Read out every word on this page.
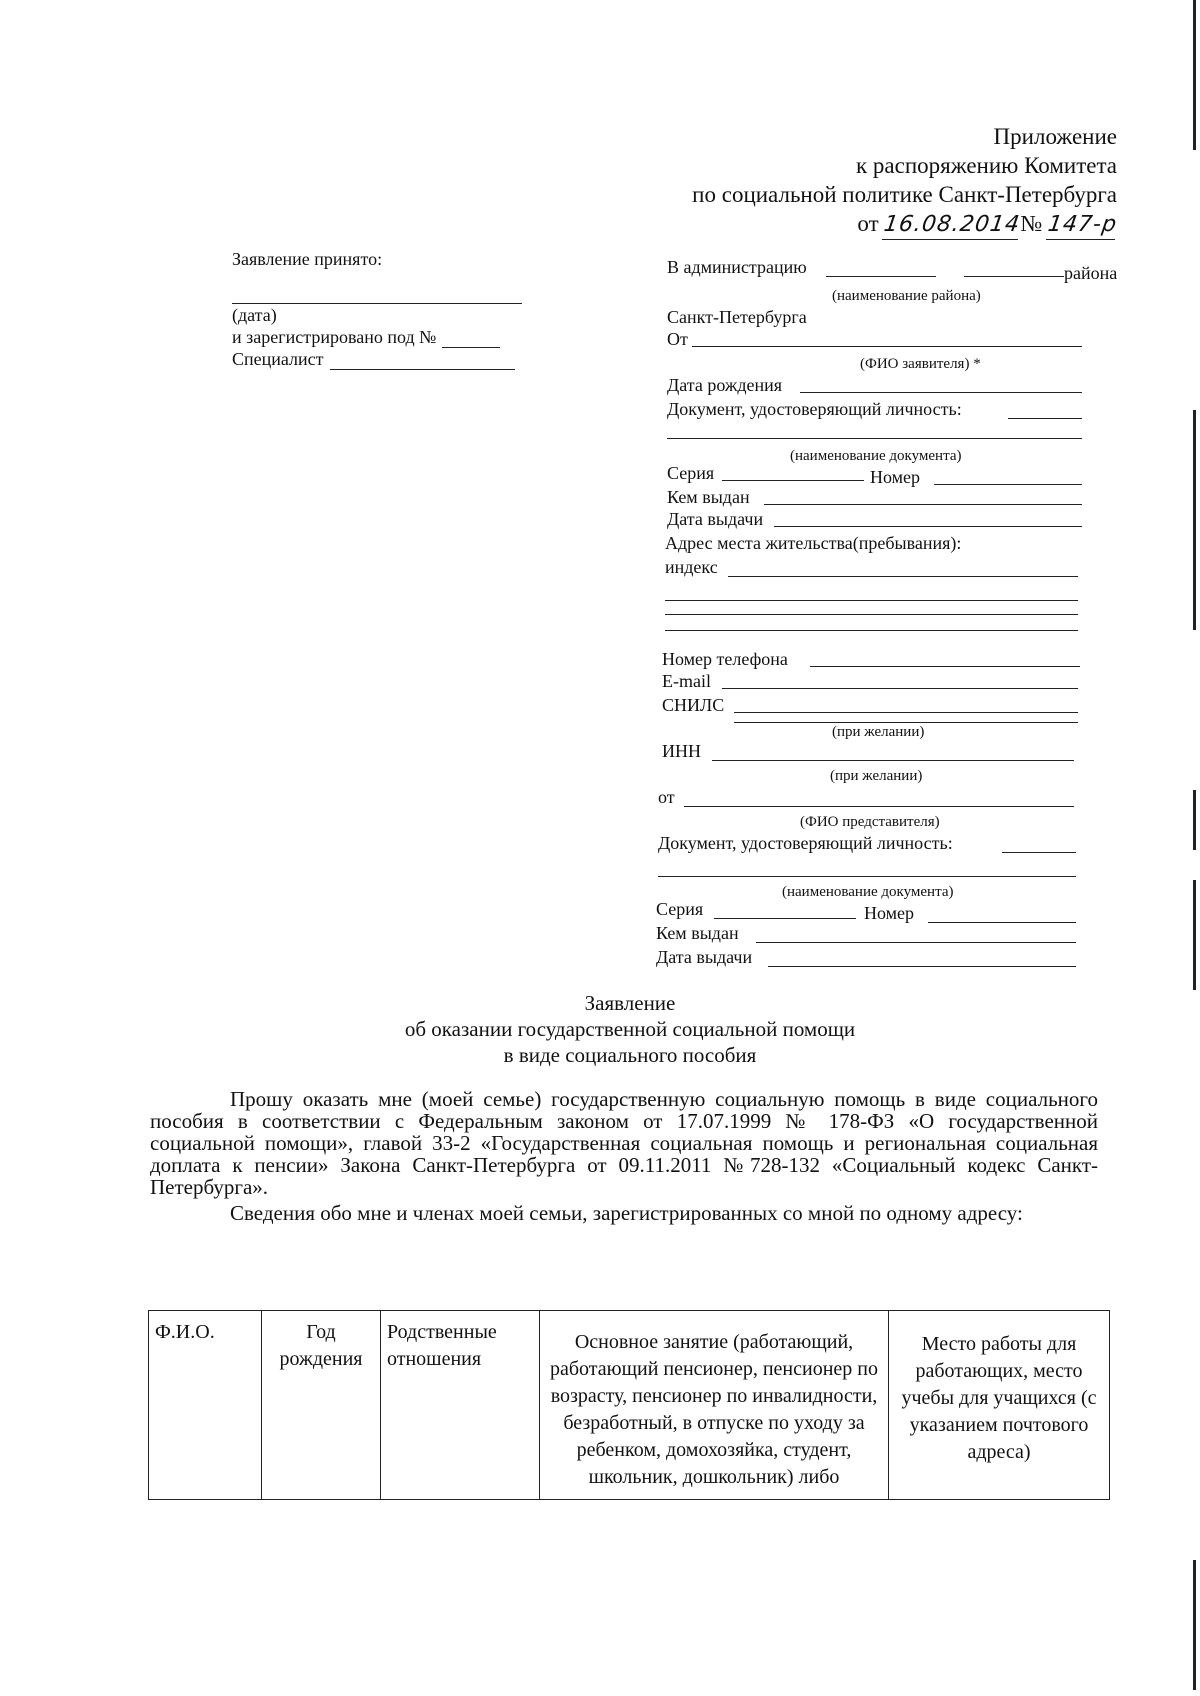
Приложение
к распоряжению Комитета
по социальной политике Санкт-Петербурга
от 16.08.2014№ 147-р
Заявление принято:
(дата)
и зарегистрировано под №
Специалист
В администрацию	района
(наименование района)
Санкт-Петербурга
От
(ФИО заявителя) *
Дата рождения
Документ, удостоверяющий личность:
(наименование документа)
Серия	Номер
Кем выдан
Дата выдачи
Адрес места жительства(пребывания):
индекс
Номер телефона
E-mail
СНИЛС
(при желании)
ИНН
(при желании)
от
(ФИО представителя)
Документ, удостоверяющий личность:
(наименование документа)
Серия	Номер
Кем выдан
Дата выдачи
Заявление
об оказании государственной социальной помощи
в виде социального пособия

Прошу оказать мне (моей семье) государственную социальную помощь в виде социального пособия в соответствии с Федеральным законом от 17.07.1999 № 178-ФЗ «О государственной социальной помощи», главой 33-2 «Государственная социальная помощь и региональная социальная доплата к пенсии» Закона Санкт-Петербурга от 09.11.2011 №728-132 «Социальный кодекс Санкт-Петербурга».

Сведения обо мне и членах моей семьи, зарегистрированных со мной по одному адресу:

Ф.И.О.	Год рождения	Родственные отношения	Основное занятие (работающий, работающий пенсионер, пенсионер по возрасту, пенсионер по инвалидности, безработный, в отпуске по уходу за ребенком, домохозяйка, студент, школьник, дошкольник) либо	Место работы для работающих, место учебы для учащихся (с указанием почтового адреса)
